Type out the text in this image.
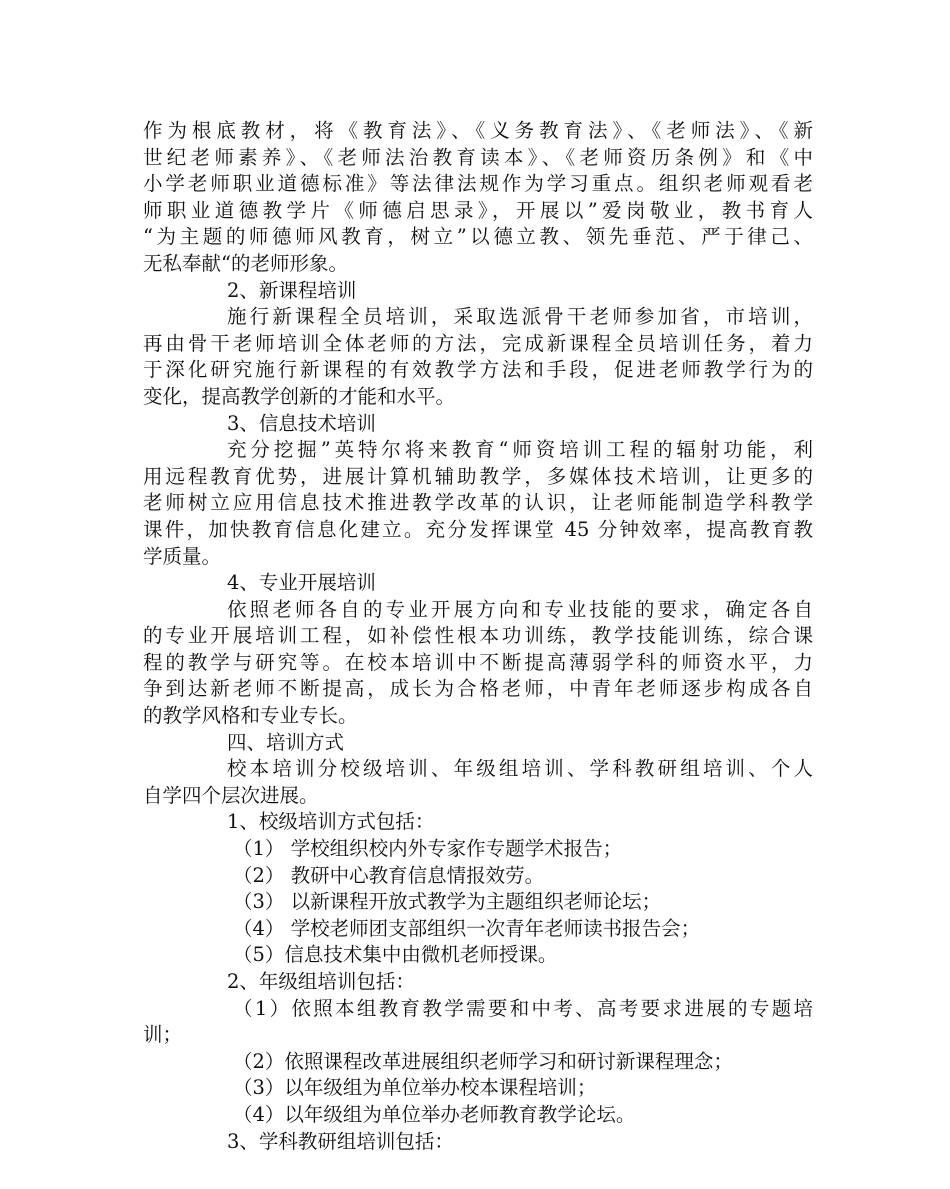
作为根底教材，将《教育法》、《义务教育法》、《老师法》、《新
世纪老师素养》、《老师法治教育读本》、《老师资历条例》和《中
小学老师职业道德标准》等法律法规作为学习重点。组织老师观看老
师职业道德教学片《师德启思录》，开展以”爱岗敬业，教书育人
“为主题的师德师风教育，树立”以德立教、领先垂范、严于律己、
无私奉献“的老师形象。
2、新课程培训
施行新课程全员培训，采取选派骨干老师参加省，市培训，
再由骨干老师培训全体老师的方法，完成新课程全员培训任务，着力
于深化研究施行新课程的有效教学方法和手段，促进老师教学行为的
变化，提高教学创新的才能和水平。
3、信息技术培训
充分挖掘”英特尔将来教育“师资培训工程的辐射功能，利
用远程教育优势，进展计算机辅助教学，多媒体技术培训，让更多的
老师树立应用信息技术推进教学改革的认识，让老师能制造学科教学
课件，加快教育信息化建立。充分发挥课堂 45 分钟效率，提高教育教
学质量。
4、专业开展培训
依照老师各自的专业开展方向和专业技能的要求，确定各自
的专业开展培训工程，如补偿性根本功训练，教学技能训练，综合课
程的教学与研究等。在校本培训中不断提高薄弱学科的师资水平，力
争到达新老师不断提高，成长为合格老师，中青年老师逐步构成各自
的教学风格和专业专长。
四、培训方式
校本培训分校级培训、年级组培训、学科教研组培训、个人
自学四个层次进展。
1、校级培训方式包括：
（1） 学校组织校内外专家作专题学术报告；
（2） 教研中心教育信息情报效劳。
（3） 以新课程开放式教学为主题组织老师论坛；
（4） 学校老师团支部组织一次青年老师读书报告会；
（5）信息技术集中由微机老师授课。
2、年级组培训包括：
（1）依照本组教育教学需要和中考、高考要求进展的专题培
训；
（2）依照课程改革进展组织老师学习和研讨新课程理念；
（3）以年级组为单位举办校本课程培训；
（4）以年级组为单位举办老师教育教学论坛。
3、学科教研组培训包括：
